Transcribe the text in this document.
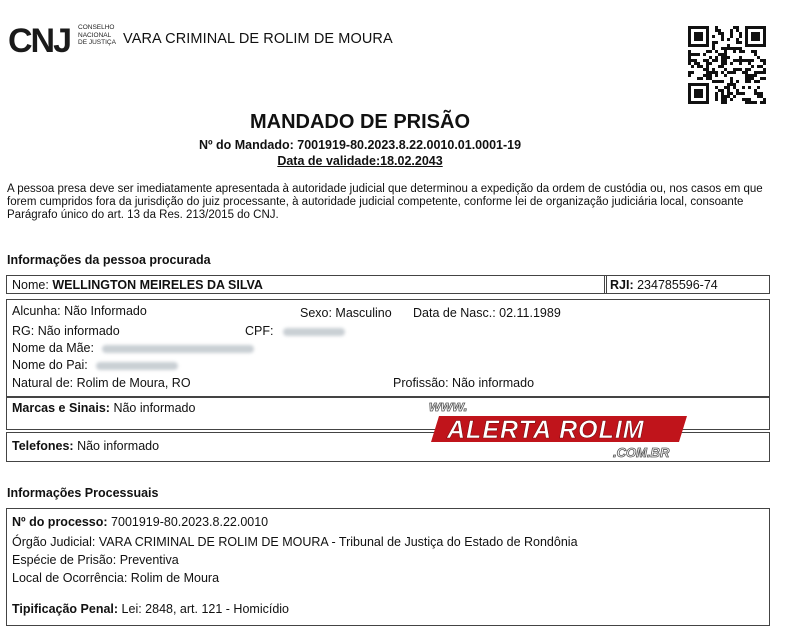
CNJ CONSELHO
NACIONAL
DE JUSTIÇA VARA CRIMINAL DE ROLIM DE MOURA
MANDADO DE PRISÃO
Nº do Mandado: 7001919-80.2023.8.22.0010.01.0001-19
Data de validade:18.02.2043
A pessoa presa deve ser imediatamente apresentada à autoridade judicial que determinou a expedição da ordem de custódia ou, nos casos em que forem cumpridos fora da jurisdição do juiz processante, à autoridade judicial competente, conforme lei de organização judiciária local, consoante Parágrafo único do art. 13 da Res. 213/2015 do CNJ.
Informações da pessoa procurada
Nome: WELLINGTON MEIRELES DA SILVA	RJI: 234785596-74
Alcunha: Não Informado	Sexo: Masculino Data de Nasc.: 02.11.1989
RG: Não informado	CPF:
Nome da Mãe:
Nome do Pai:
Natural de: Rolim de Moura, RO	Profissão: Não informado
Marcas e Sinais: Não informado
Telefones: Não informado
www.
ALERTA ROLIM
.COM.BR
Informações Processuais
Nº do processo: 7001919-80.2023.8.22.0010
Órgão Judicial: VARA CRIMINAL DE ROLIM DE MOURA - Tribunal de Justiça do Estado de Rondônia
Espécie de Prisão: Preventiva
Local de Ocorrência: Rolim de Moura
Tipificação Penal: Lei: 2848, art. 121 - Homicídio
